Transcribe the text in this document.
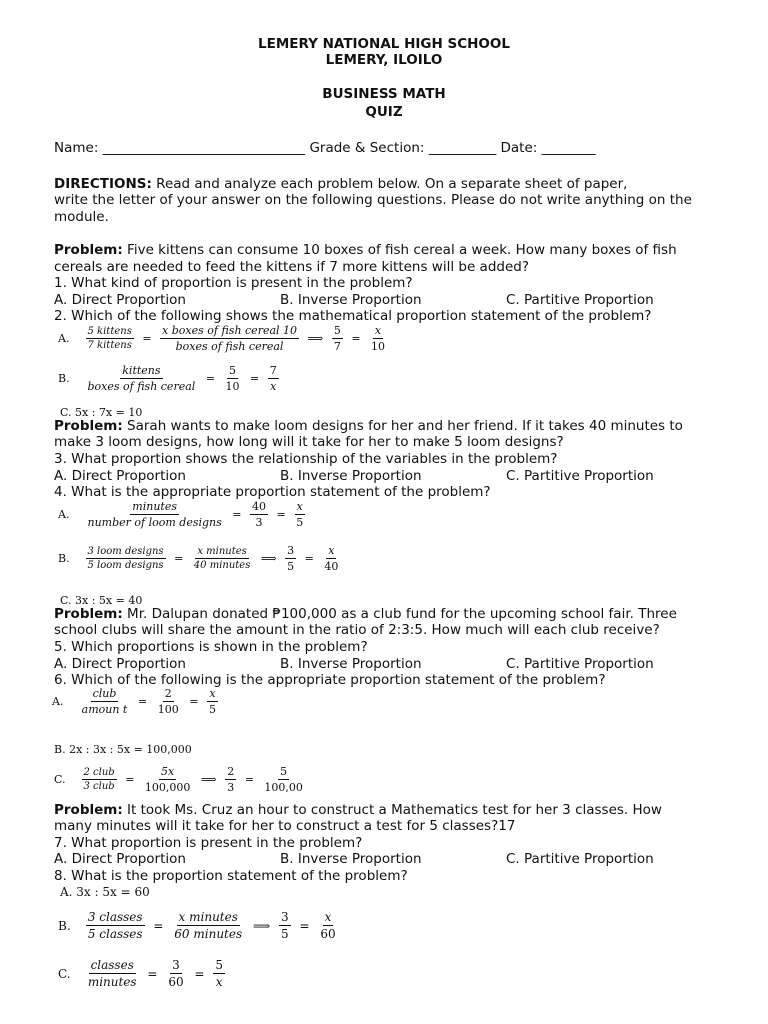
LEMERY NATIONAL HIGH SCHOOL
LEMERY, ILOILO
BUSINESS MATH
QUIZ
Name: ______________________________ Grade & Section: __________ Date: ________
DIRECTIONS: Read and analyze each problem below. On a separate sheet of paper,
write the letter of your answer on the following questions. Please do not write anything on the
module.
Problem: Five kittens can consume 10 boxes of fish cereal a week. How many boxes of fish
cereals are needed to feed the kittens if 7 more kittens will be added?
1. What kind of proportion is present in the problem?
A. Direct Proportion	B. Inverse Proportion	C. Partitive Proportion
2. Which of the following shows the mathematical proportion statement of the problem?
A. $\frac{\text{5 kittens}}{\text{7 kittens}} = \frac{\text{x boxes of fish cereal 10}}{\text{boxes of fish cereal}}$ ⟹ $\frac{5}{7} = \frac{x}{10}$
B. $\frac{\text{kittens}}{\text{boxes of fish cereal}} = \frac{5}{10} = \frac{7}{x}$
C. 5x : 7x = 10
Problem: Sarah wants to make loom designs for her and her friend. If it takes 40 minutes to
make 3 loom designs, how long will it take for her to make 5 loom designs?
3. What proportion shows the relationship of the variables in the problem?
A. Direct Proportion	B. Inverse Proportion	C. Partitive Proportion
4. What is the appropriate proportion statement of the problem?
A. $\frac{\text{minutes}}{\text{number of loom designs}} = \frac{40}{3} = \frac{x}{5}$
B. $\frac{\text{3 loom designs}}{\text{5 loom designs}} = \frac{\text{x minutes}}{\text{40 minutes}}$ ⟹ $\frac{3}{5} = \frac{x}{40}$
C. 3x : 5x = 40
Problem: Mr. Dalupan donated ₱100,000 as a club fund for the upcoming school fair. Three
school clubs will share the amount in the ratio of 2:3:5. How much will each club receive?
5. Which proportions is shown in the problem?
A. Direct Proportion	B. Inverse Proportion	C. Partitive Proportion
6. Which of the following is the appropriate proportion statement of the problem?
A. $\frac{\text{club}}{\text{amoun t}} = \frac{2}{100} = \frac{x}{5}$
B. 2x : 3x : 5x = 100,000
C. $\frac{\text{2 club}}{\text{3 club}} = \frac{5x}{100,000}$ ⟹ $\frac{2}{3} = \frac{5}{100,00}$
Problem: It took Ms. Cruz an hour to construct a Mathematics test for her 3 classes. How
many minutes will it take for her to construct a test for 5 classes?17
7. What proportion is present in the problem?
A. Direct Proportion	B. Inverse Proportion	C. Partitive Proportion
8. What is the proportion statement of the problem?
A. 3x : 5x = 60
B. $\frac{\text{3 classes}}{\text{5 classes}} = \frac{\text{x minutes}}{\text{60 minutes}}$ ⟹ $\frac{3}{5} = \frac{x}{60}$
C. $\frac{\text{classes}}{\text{minutes}} = \frac{3}{60} = \frac{5}{x}$
